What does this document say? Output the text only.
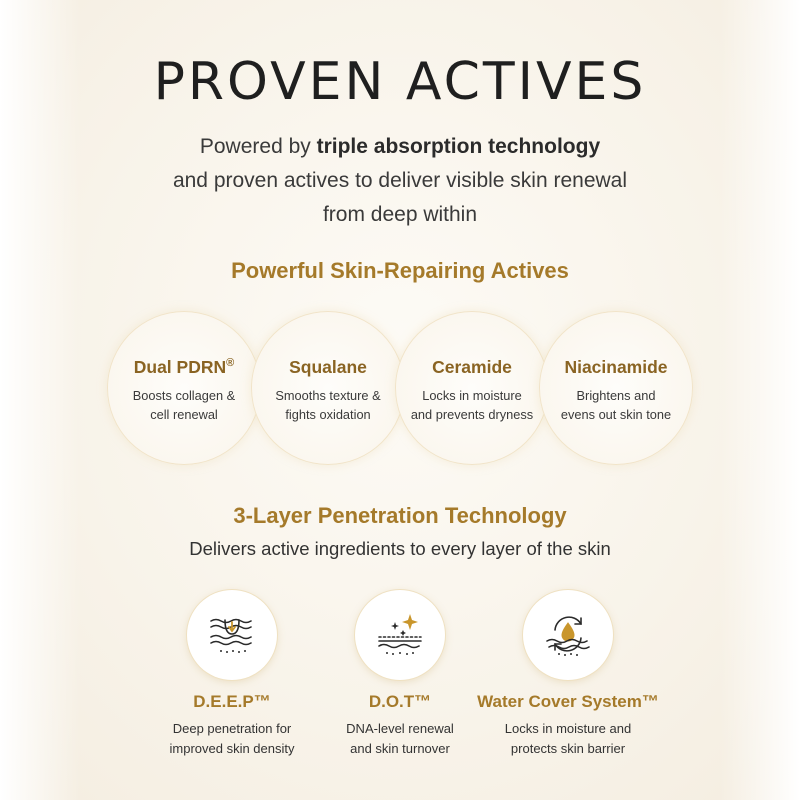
PROVEN ACTIVES
Powered by triple absorption technology
and proven actives to deliver visible skin renewal
from deep within
Powerful Skin-Repairing Actives
Dual PDRN®
Boosts collagen &
cell renewal
Squalane
Smooths texture &
fights oxidation
Ceramide
Locks in moisture
and prevents dryness
Niacinamide
Brightens and
evens out skin tone
3-Layer Penetration Technology
Delivers active ingredients to every layer of the skin
D.E.E.P™
Deep penetration for
improved skin density
D.O.T™
DNA-level renewal
and skin turnover
Water Cover System™
Locks in moisture and
protects skin barrier
